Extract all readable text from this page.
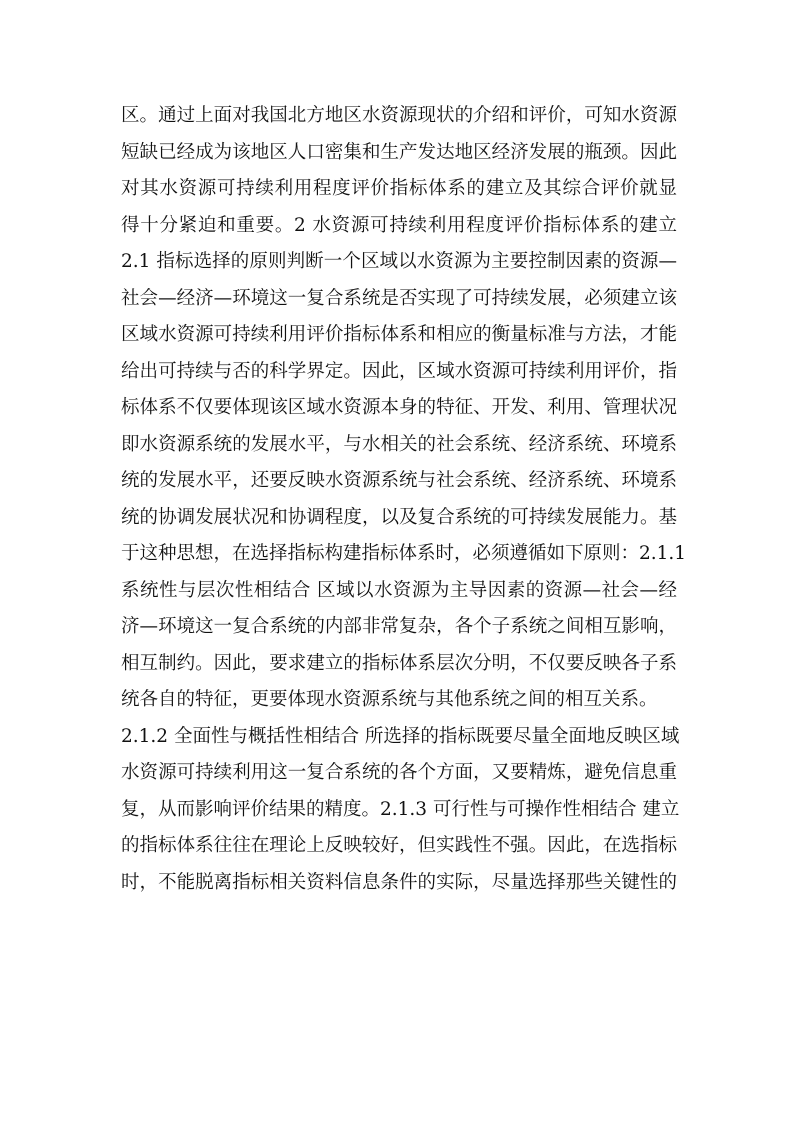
区。通过上面对我国北方地区水资源现状的介绍和评价，可知水资源
短缺已经成为该地区人口密集和生产发达地区经济发展的瓶颈。因此
对其水资源可持续利用程度评价指标体系的建立及其综合评价就显
得十分紧迫和重要。2 水资源可持续利用程度评价指标体系的建立
2.1 指标选择的原则判断一个区域以水资源为主要控制因素的资源—
社会—经济—环境这一复合系统是否实现了可持续发展，必须建立该
区域水资源可持续利用评价指标体系和相应的衡量标准与方法，才能
给出可持续与否的科学界定。因此，区域水资源可持续利用评价，指
标体系不仅要体现该区域水资源本身的特征、开发、利用、管理状况
即水资源系统的发展水平，与水相关的社会系统、经济系统、环境系
统的发展水平，还要反映水资源系统与社会系统、经济系统、环境系
统的协调发展状况和协调程度，以及复合系统的可持续发展能力。基
于这种思想，在选择指标构建指标体系时，必须遵循如下原则：2.1.1
系统性与层次性相结合 区域以水资源为主导因素的资源—社会—经
济—环境这一复合系统的内部非常复杂，各个子系统之间相互影响，
相互制约。因此，要求建立的指标体系层次分明，不仅要反映各子系
统各自的特征，更要体现水资源系统与其他系统之间的相互关系。
2.1.2 全面性与概括性相结合 所选择的指标既要尽量全面地反映区域
水资源可持续利用这一复合系统的各个方面，又要精炼，避免信息重
复，从而影响评价结果的精度。2.1.3 可行性与可操作性相结合 建立
的指标体系往往在理论上反映较好，但实践性不强。因此，在选指标
时，不能脱离指标相关资料信息条件的实际，尽量选择那些关键性的
